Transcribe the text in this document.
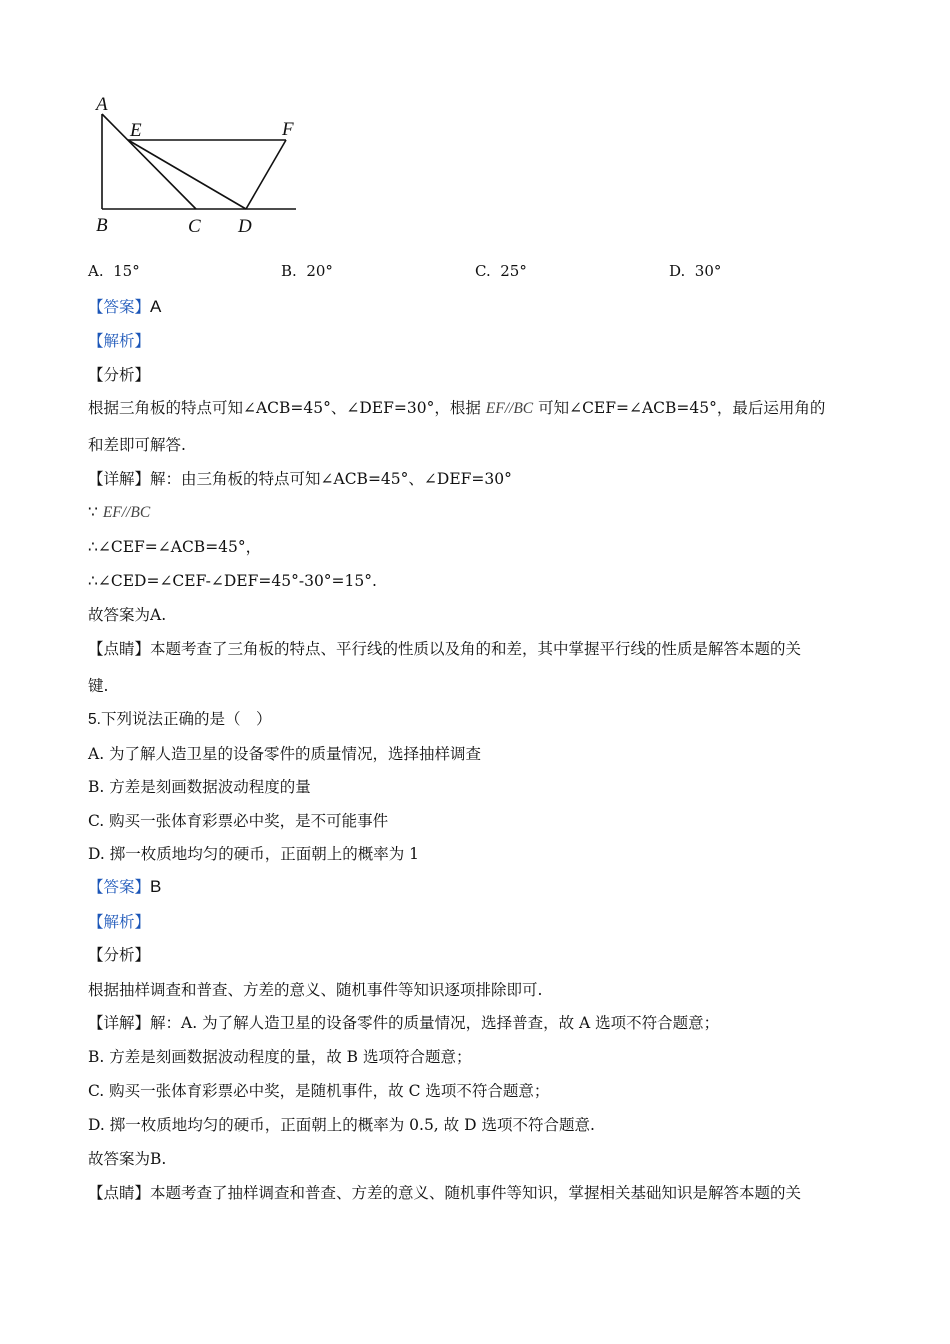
A
E	F
B	C D
A.  15°	B.  20°	C.  25°	D.  30°
【答案】A
【解析】
【分析】
根据三角板的特点可知∠ACB=45°、∠DEF=30°，根据 EF//BC 可知∠CEF=∠ACB=45°，最后运用角的
和差即可解答.
【详解】解：由三角板的特点可知∠ACB=45°、∠DEF=30°
∵ EF//BC
∴∠CEF=∠ACB=45°，
∴∠CED=∠CEF-∠DEF=45°-30°=15°.
故答案为A.
【点睛】本题考查了三角板的特点、平行线的性质以及角的和差，其中掌握平行线的性质是解答本题的关
键.
5.下列说法正确的是（　）
A. 为了解人造卫星的设备零件的质量情况，选择抽样调查
B. 方差是刻画数据波动程度的量
C. 购买一张体育彩票必中奖，是不可能事件
D. 掷一枚质地均匀的硬币，正面朝上的概率为 1
【答案】B
【解析】
【分析】
根据抽样调查和普查、方差的意义、随机事件等知识逐项排除即可.
【详解】解：A. 为了解人造卫星的设备零件的质量情况，选择普查，故 A 选项不符合题意；
B. 方差是刻画数据波动程度的量，故 B 选项符合题意；
C. 购买一张体育彩票必中奖，是随机事件，故 C 选项不符合题意；
D. 掷一枚质地均匀的硬币，正面朝上的概率为 0.5, 故 D 选项不符合题意.
故答案为B.
【点睛】本题考查了抽样调查和普查、方差的意义、随机事件等知识，掌握相关基础知识是解答本题的关
